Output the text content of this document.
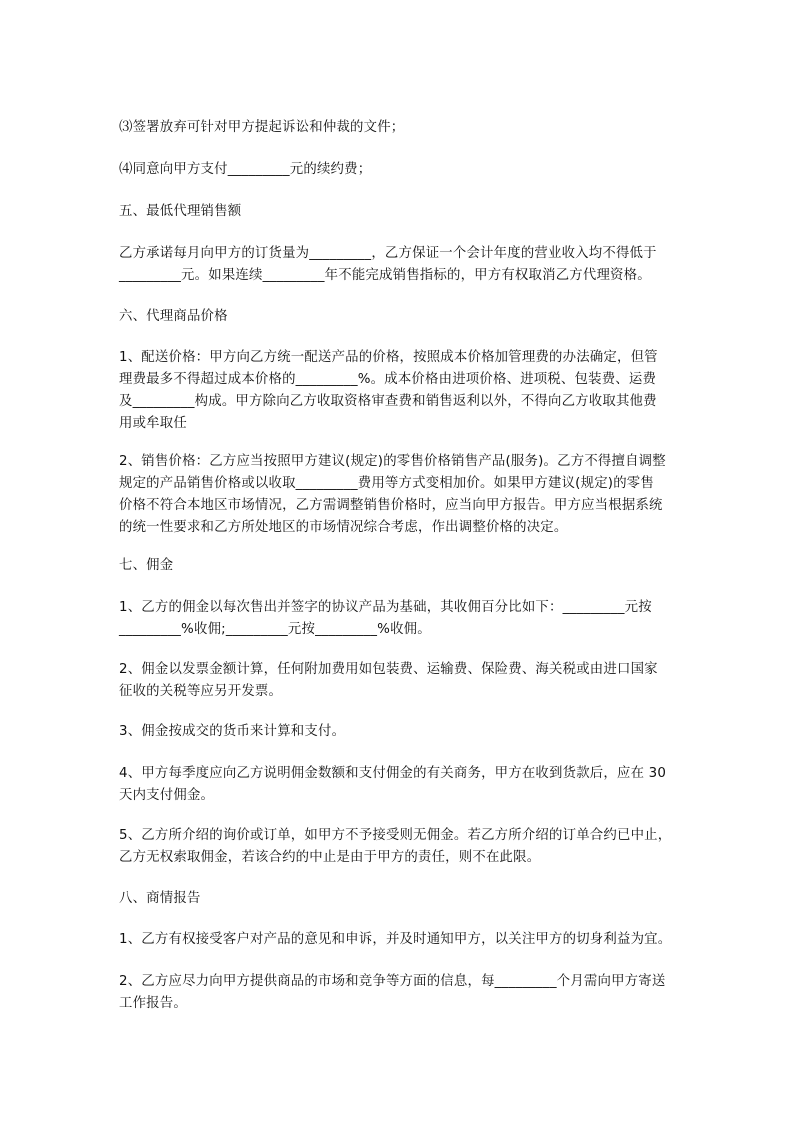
⑶签署放弃可针对甲方提起诉讼和仲裁的文件；
⑷同意向甲方支付_________元的续约费；
五、最低代理销售额
乙方承诺每月向甲方的订货量为_________，乙方保证一个会计年度的营业收入均不得低于
_________元。如果连续_________年不能完成销售指标的，甲方有权取消乙方代理资格。
六、代理商品价格
1、配送价格：甲方向乙方统一配送产品的价格，按照成本价格加管理费的办法确定，但管
理费最多不得超过成本价格的_________%。成本价格由进项价格、进项税、包装费、运费
及_________构成。甲方除向乙方收取资格审查费和销售返利以外，不得向乙方收取其他费
用或牟取任
2、销售价格：乙方应当按照甲方建议(规定)的零售价格销售产品(服务)。乙方不得擅自调整
规定的产品销售价格或以收取_________费用等方式变相加价。如果甲方建议(规定)的零售
价格不符合本地区市场情况，乙方需调整销售价格时，应当向甲方报告。甲方应当根据系统
的统一性要求和乙方所处地区的市场情况综合考虑，作出调整价格的决定。
七、佣金
1、乙方的佣金以每次售出并签字的协议产品为基础，其收佣百分比如下：_________元按
_________%收佣;_________元按_________%收佣。
2、佣金以发票金额计算，任何附加费用如包装费、运输费、保险费、海关税或由进口国家
征收的关税等应另开发票。
3、佣金按成交的货币来计算和支付。
4、甲方每季度应向乙方说明佣金数额和支付佣金的有关商务，甲方在收到货款后，应在 30
天内支付佣金。
5、乙方所介绍的询价或订单，如甲方不予接受则无佣金。若乙方所介绍的订单合约已中止，
乙方无权索取佣金，若该合约的中止是由于甲方的责任，则不在此限。
八、商情报告
1、乙方有权接受客户对产品的意见和申诉，并及时通知甲方，以关注甲方的切身利益为宜。
2、乙方应尽力向甲方提供商品的市场和竞争等方面的信息，每_________个月需向甲方寄送
工作报告。
